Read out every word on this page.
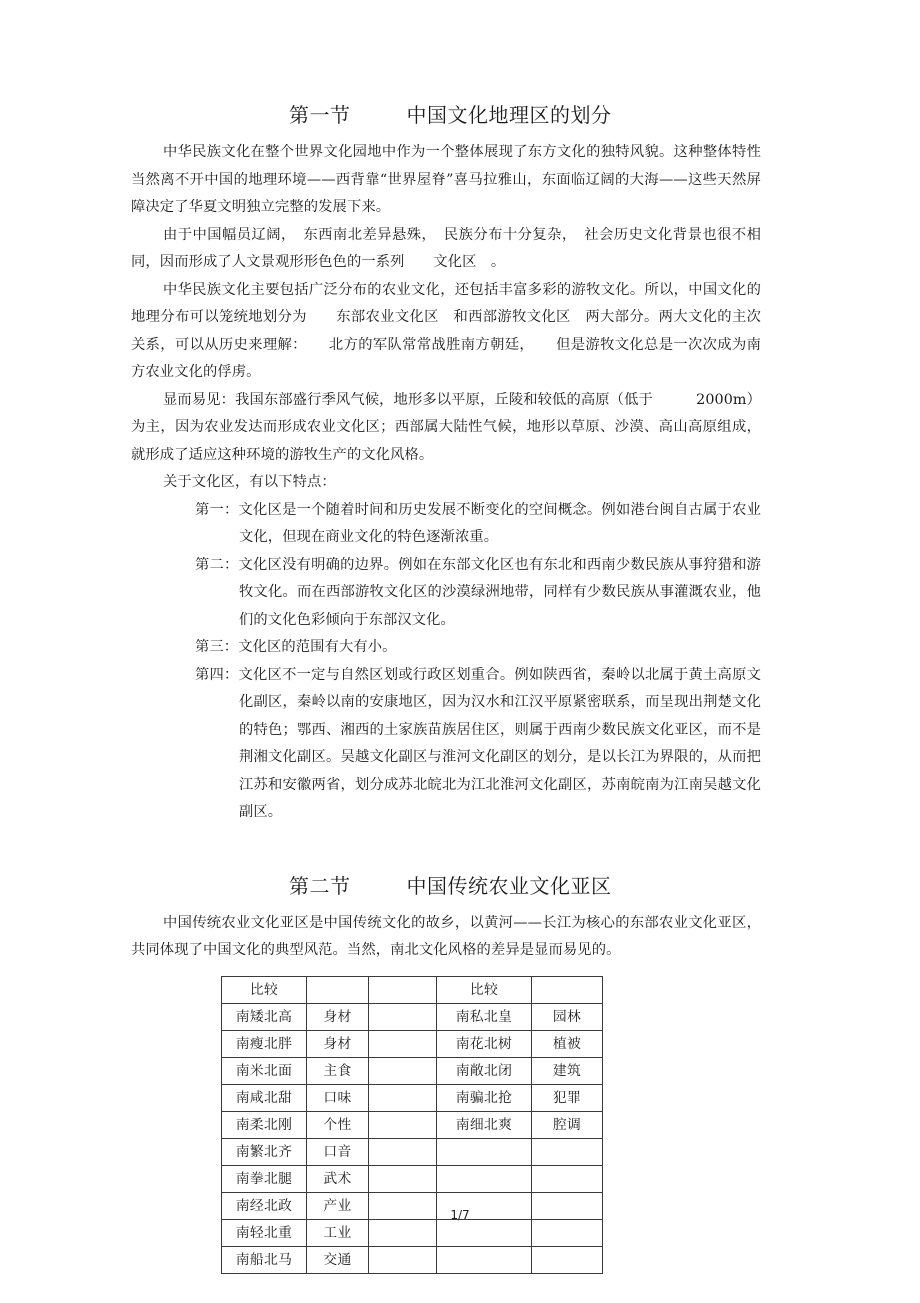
第一节	中国文化地理区的划分

中华民族文化在整个世界文化园地中作为一个整体展现了东方文化的独特风貌。这种整体特性当然离不开中国的地理环境——西背靠“世界屋脊”喜马拉雅山，东面临辽阔的大海——这些天然屏障决定了华夏文明独立完整的发展下来。

由于中国幅员辽阔，　东西南北差异悬殊，　民族分布十分复杂，　社会历史文化背景也很不相同，因而形成了人文景观形形色色的一系列　　文化区　。

中华民族文化主要包括广泛分布的农业文化，还包括丰富多彩的游牧文化。所以，中国文化的地理分布可以笼统地划分为　　东部农业文化区　和西部游牧文化区　两大部分。两大文化的主次关系，可以从历史来理解：　　北方的军队常常战胜南方朝廷，　　但是游牧文化总是一次次成为南方农业文化的俘虏。

显而易见：我国东部盛行季风气候，地形多以平原，丘陵和较低的高原（低于　　　2000m）为主，因为农业发达而形成农业文化区；西部属大陆性气候，地形以草原、沙漠、高山高原组成，就形成了适应这种环境的游牧生产的文化风格。

关于文化区，有以下特点：

第一：文化区是一个随着时间和历史发展不断变化的空间概念。例如港台闽自古属于农业文化，但现在商业文化的特色逐渐浓重。
第二：文化区没有明确的边界。例如在东部文化区也有东北和西南少数民族从事狩猎和游牧文化。而在西部游牧文化区的沙漠绿洲地带，同样有少数民族从事灌溉农业，他们的文化色彩倾向于东部汉文化。
第三：文化区的范围有大有小。
第四：文化区不一定与自然区划或行政区划重合。例如陕西省，秦岭以北属于黄土高原文化副区，秦岭以南的安康地区，因为汉水和江汉平原紧密联系，而呈现出荆楚文化的特色；鄂西、湘西的土家族苗族居住区，则属于西南少数民族文化亚区，而不是荆湘文化副区。吴越文化副区与淮河文化副区的划分，是以长江为界限的，从而把江苏和安徽两省，划分成苏北皖北为江北淮河文化副区，苏南皖南为江南吴越文化副区。
第二节	中国传统农业文化亚区

中国传统农业文化亚区是中国传统文化的故乡，以黄河——长江为核心的东部农业文化亚区，共同体现了中国文化的典型风范。当然，南北文化风格的差异是显而易见的。

比较			比较	
南矮北高	身材		南私北皇	园林
南瘦北胖	身材		南花北树	植被
南米北面	主食		南敞北闭	建筑
南咸北甜	口味		南骗北抢	犯罪
南柔北刚	个性		南细北爽	腔调
南繁北齐	口音			
南拳北腿	武术			
南经北政	产业			
南轻北重	工业			
南船北马	交通			
1/7
